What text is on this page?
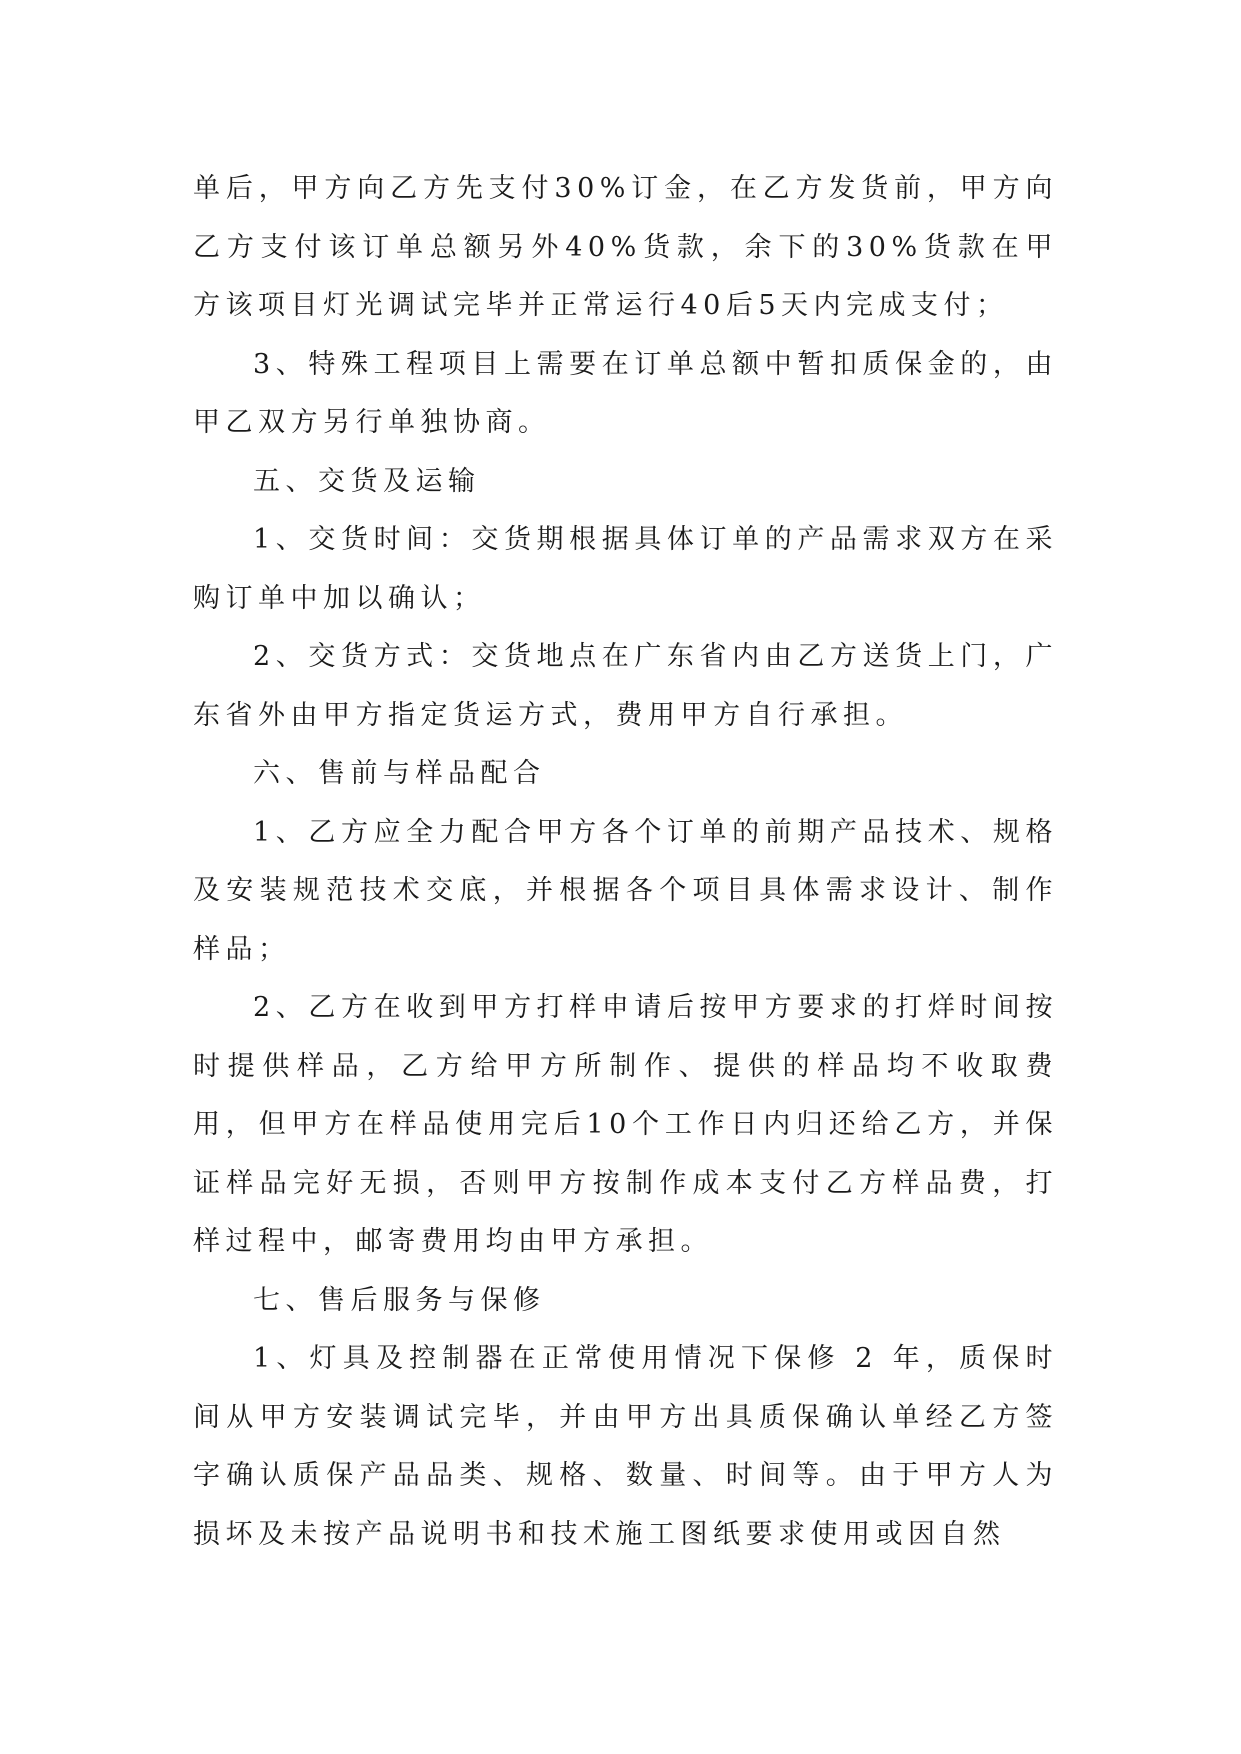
单后，甲方向乙方先支付30%订金，在乙方发货前，甲方向乙方支付该订单总额另外40%货款，余下的30%货款在甲方该项目灯光调试完毕并正常运行40后5天内完成支付；

3、特殊工程项目上需要在订单总额中暂扣质保金的，由甲乙双方另行单独协商。

五、交货及运输

1、交货时间：交货期根据具体订单的产品需求双方在采购订单中加以确认；

2、交货方式：交货地点在广东省内由乙方送货上门，广东省外由甲方指定货运方式，费用甲方自行承担。

六、售前与样品配合

1、乙方应全力配合甲方各个订单的前期产品技术、规格及安装规范技术交底，并根据各个项目具体需求设计、制作样品；

2、乙方在收到甲方打样申请后按甲方要求的打烊时间按时提供样品，乙方给甲方所制作、提供的样品均不收取费用，但甲方在样品使用完后10个工作日内归还给乙方，并保证样品完好无损，否则甲方按制作成本支付乙方样品费，打样过程中，邮寄费用均由甲方承担。

七、售后服务与保修

1、灯具及控制器在正常使用情况下保修 2 年，质保时间从甲方安装调试完毕，并由甲方出具质保确认单经乙方签字确认质保产品品类、规格、数量、时间等。由于甲方人为损坏及未按产品说明书和技术施工图纸要求使用或因自然
